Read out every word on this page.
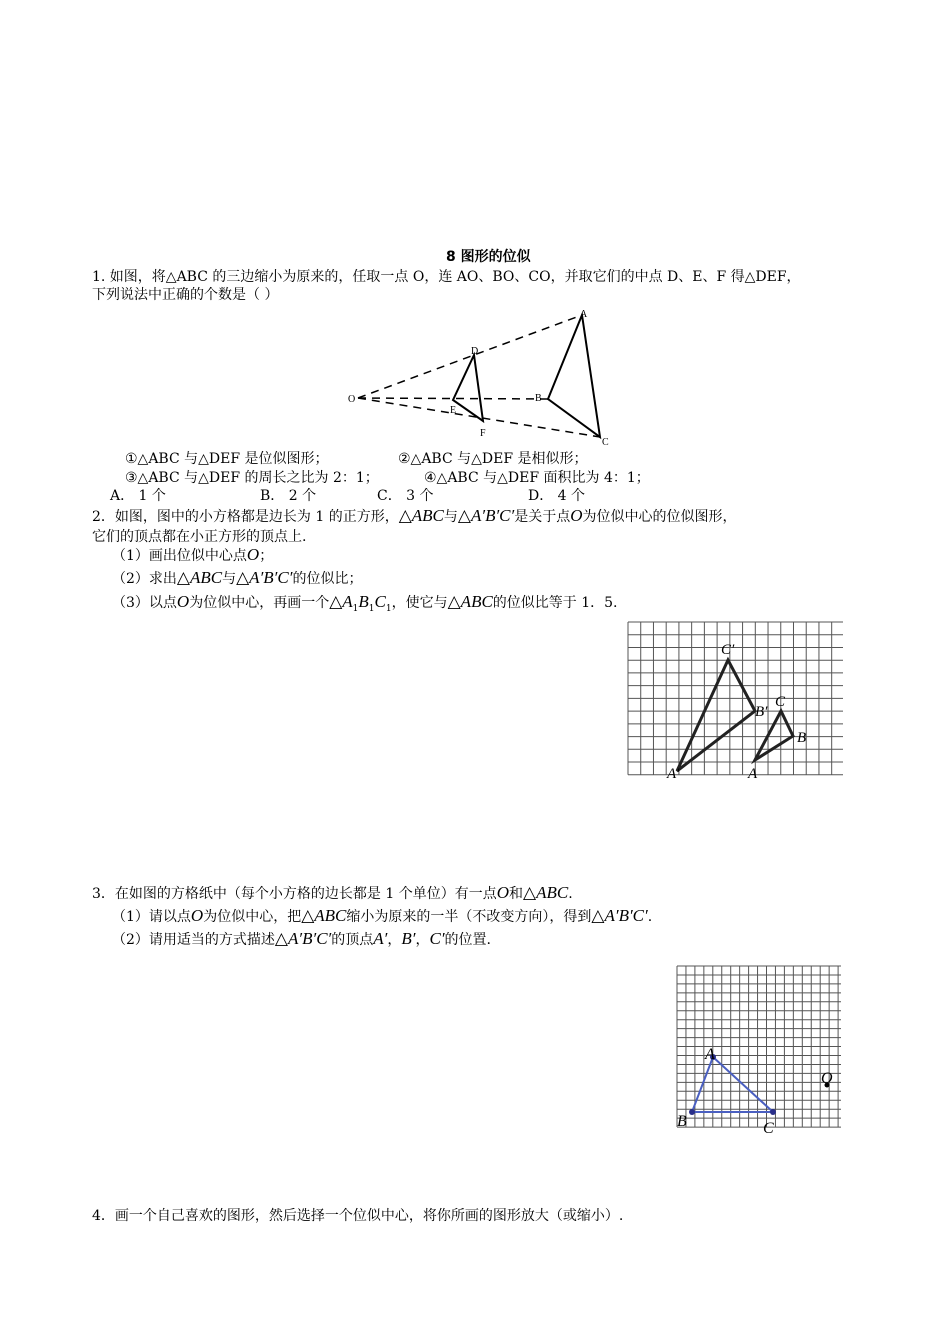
8 图形的位似
1. 如图，将△ABC 的三边缩小为原来的，任取一点 O，连 AO、BO、CO，并取它们的中点 D、E、F 得△DEF，
下列说法中正确的个数是（ ）
O
A
B
C
D
E
F
①△ABC 与△DEF 是位似图形；	②△ABC 与△DEF 是相似形；
③△ABC 与△DEF 的周长之比为 2：1；	④△ABC 与△DEF 面积比为 4：1；
A． 1 个	B． 2 个	C． 3 个	D． 4 个
2．如图，图中的小方格都是边长为 1 的正方形，△ABC与△A′B′C′是关于点O为位似中心的位似图形，
它们的顶点都在小正方形的顶点上.
（1）画出位似中心点O；
（2）求出△ABC与△A′B′C′的位似比；
（3）以点O为位似中心，再画一个$\triangle A_1B_1C_1$，使它与△ABC的位似比等于 1．5.
C′
B′
A′
C
B
A
3．在如图的方格纸中（每个小方格的边长都是 1 个单位）有一点O和△ABC.
（1）请以点O为位似中心，把△ABC缩小为原来的一半（不改变方向），得到△A′B′C′.
（2）请用适当的方式描述△A′B′C′的顶点A′，B′，C′的位置.
A
B	C
O
4．画一个自己喜欢的图形，然后选择一个位似中心，将你所画的图形放大（或缩小）.
